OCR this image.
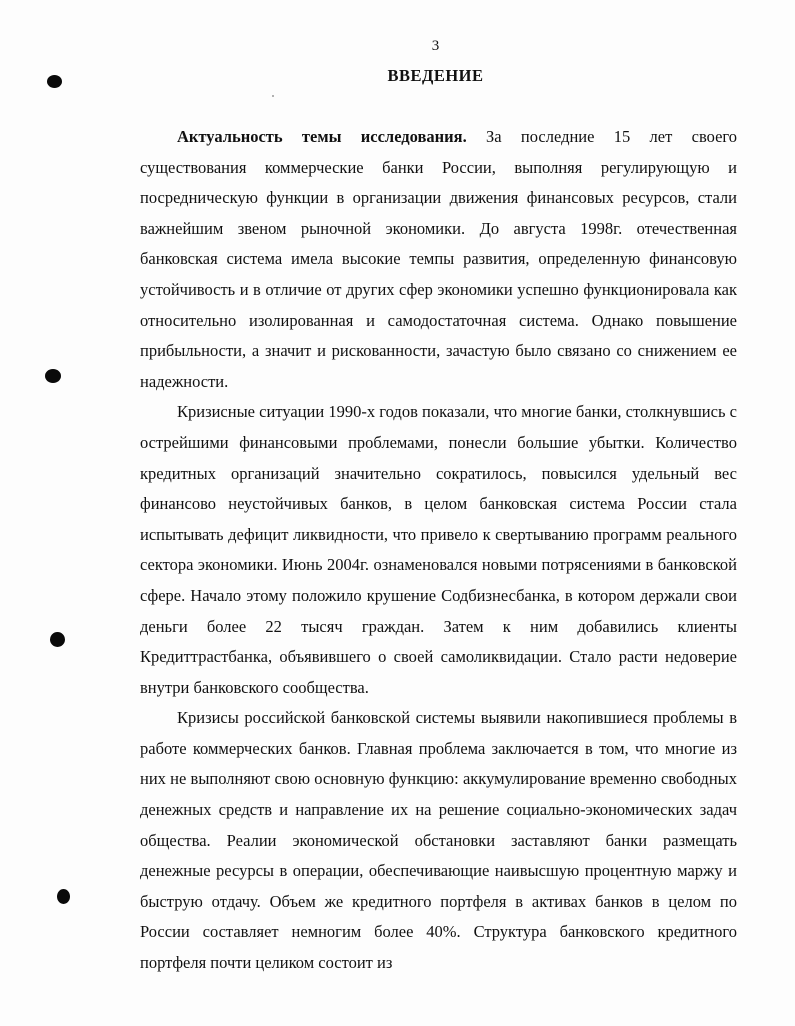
3
ВВЕДЕНИЕ

Актуальность темы исследования. За последние 15 лет своего существования коммерческие банки России, выполняя регулирующую и посредническую функции в организации движения финансовых ресурсов, стали важнейшим звеном рыночной экономики. До августа 1998г. отечественная банковская система имела высокие темпы развития, определенную финансовую устойчивость и в отличие от других сфер экономики успешно функционировала как относительно изолированная и самодостаточная система. Однако повышение прибыльности, а значит и рискованности, зачастую было связано со снижением ее надежности.

Кризисные ситуации 1990-х годов показали, что многие банки, столкнувшись с острейшими финансовыми проблемами, понесли большие убытки. Количество кредитных организаций значительно сократилось, повысился удельный вес финансово неустойчивых банков, в целом банковская система России стала испытывать дефицит ликвидности, что привело к свертыванию программ реального сектора экономики. Июнь 2004г. ознаменовался новыми потрясениями в банковской сфере. Начало этому положило крушение Содбизнесбанка, в котором держали свои деньги более 22 тысяч граждан. Затем к ним добавились клиенты Кредиттрастбанка, объявившего о своей самоликвидации. Стало расти недоверие внутри банковского сообщества.

Кризисы российской банковской системы выявили накопившиеся проблемы в работе коммерческих банков. Главная проблема заключается в том, что многие из них не выполняют свою основную функцию: аккумулирование временно свободных денежных средств и направление их на решение социально-экономических задач общества. Реалии экономической обстановки заставляют банки размещать денежные ресурсы в операции, обеспечивающие наивысшую процентную маржу и быструю отдачу. Объем же кредитного портфеля в активах банков в целом по России составляет немногим более 40%. Структура банковского кредитного портфеля почти целиком состоит из
